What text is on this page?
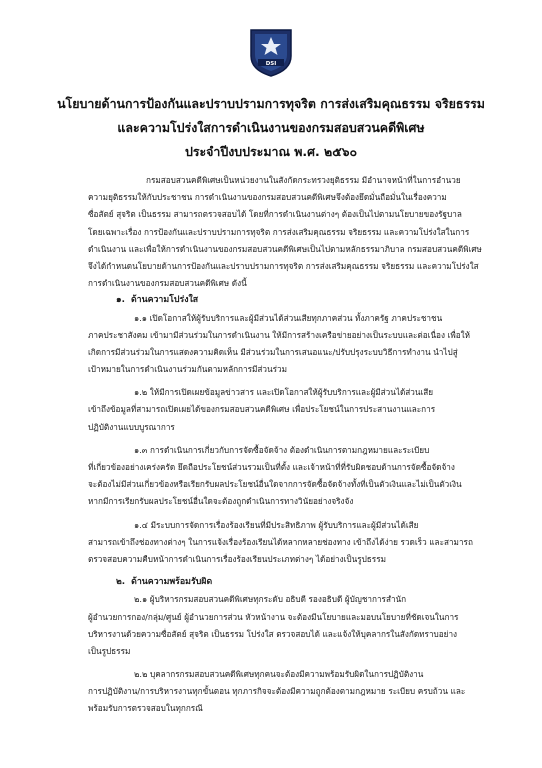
DSI
นโยบายด้านการป้องกันและปราบปรามการทุจริต การส่งเสริมคุณธรรม จริยธรรม
และความโปร่งใสการดำเนินงานของกรมสอบสวนคดีพิเศษ
ประจำปีงบประมาณ พ.ศ. ๒๕๖๐
กรมสอบสวนคดีพิเศษเป็นหน่วยงานในสังกัดกระทรวงยุติธรรม มีอำนาจหน้าที่ในการอำนวย
ความยุติธรรมให้กับประชาชน การดำเนินงานของกรมสอบสวนคดีพิเศษจึงต้องยึดมั่นถือมั่นในเรื่องความ
ซื่อสัตย์ สุจริต เป็นธรรม สามารถตรวจสอบได้ โดยที่การดำเนินงานต่างๆ ต้องเป็นไปตามนโยบายของรัฐบาล
โดยเฉพาะเรื่อง การป้องกันและปราบปรามการทุจริต การส่งเสริมคุณธรรม จริยธรรม และความโปร่งใสในการ
ดำเนินงาน และเพื่อให้การดำเนินงานของกรมสอบสวนคดีพิเศษเป็นไปตามหลักธรรมาภิบาล กรมสอบสวนคดีพิเศษ
จึงได้กำหนดนโยบายด้านการป้องกันและปราบปรามการทุจริต การส่งเสริมคุณธรรม จริยธรรม และความโปร่งใส
การดำเนินงานของกรมสอบสวนคดีพิเศษ ดังนี้
๑. ด้านความโปร่งใส
๑.๑ เปิดโอกาสให้ผู้รับบริการและผู้มีส่วนได้ส่วนเสียทุกภาคส่วน ทั้งภาครัฐ ภาคประชาชน
ภาคประชาสังคม เข้ามามีส่วนร่วมในการดำเนินงาน ให้มีการสร้างเครือข่ายอย่างเป็นระบบและต่อเนื่อง เพื่อให้
เกิดการมีส่วนร่วมในการแสดงความคิดเห็น มีส่วนร่วมในการเสนอแนะ/ปรับปรุงระบบวิธีการทำงาน นำไปสู่
เป้าหมายในการดำเนินงานร่วมกันตามหลักการมีส่วนร่วม
๑.๒ ให้มีการเปิดเผยข้อมูลข่าวสาร และเปิดโอกาสให้ผู้รับบริการและผู้มีส่วนได้ส่วนเสีย
เข้าถึงข้อมูลที่สามารถเปิดเผยได้ของกรมสอบสวนคดีพิเศษ เพื่อประโยชน์ในการประสานงานและการ
ปฏิบัติงานแบบบูรณาการ
๑.๓ การดำเนินการเกี่ยวกับการจัดซื้อจัดจ้าง ต้องดำเนินการตามกฎหมายและระเบียบ
ที่เกี่ยวข้องอย่างเคร่งครัด ยึดถือประโยชน์ส่วนรวมเป็นที่ตั้ง และเจ้าหน้าที่ที่รับผิดชอบด้านการจัดซื้อจัดจ้าง
จะต้องไม่มีส่วนเกี่ยวข้องหรือเรียกรับผลประโยชน์อื่นใดจากการจัดซื้อจัดจ้างทั้งที่เป็นตัวเงินและไม่เป็นตัวเงิน
หากมีการเรียกรับผลประโยชน์อื่นใดจะต้องถูกดำเนินการทางวินัยอย่างจริงจัง
๑.๔ มีระบบการจัดการเรื่องร้องเรียนที่มีประสิทธิภาพ ผู้รับบริการและผู้มีส่วนได้เสีย
สามารถเข้าถึงช่องทางต่างๆ ในการแจ้งเรื่องร้องเรียนได้หลากหลายช่องทาง เข้าถึงได้ง่าย รวดเร็ว และสามารถ
ตรวจสอบความคืบหน้าการดำเนินการเรื่องร้องเรียนประเภทต่างๆ ได้อย่างเป็นรูปธรรม
๒. ด้านความพร้อมรับผิด
๒.๑ ผู้บริหารกรมสอบสวนคดีพิเศษทุกระดับ อธิบดี รองอธิบดี ผู้บัญชาการสำนัก
ผู้อำนวยการกอง/กลุ่ม/ศูนย์ ผู้อำนวยการส่วน หัวหน้างาน จะต้องมีนโยบายและมอบนโยบายที่ชัดเจนในการ
บริหารงานด้วยความซื่อสัตย์ สุจริต เป็นธรรม โปร่งใส ตรวจสอบได้ และแจ้งให้บุคลากรในสังกัดทราบอย่าง
เป็นรูปธรรม
๒.๒ บุคลากรกรมสอบสวนคดีพิเศษทุกคนจะต้องมีความพร้อมรับผิดในการปฏิบัติงาน
การปฏิบัติงาน/การบริหารงานทุกขั้นตอน ทุกภารกิจจะต้องมีความถูกต้องตามกฎหมาย ระเบียบ ครบถ้วน และ
พร้อมรับการตรวจสอบในทุกกรณี
